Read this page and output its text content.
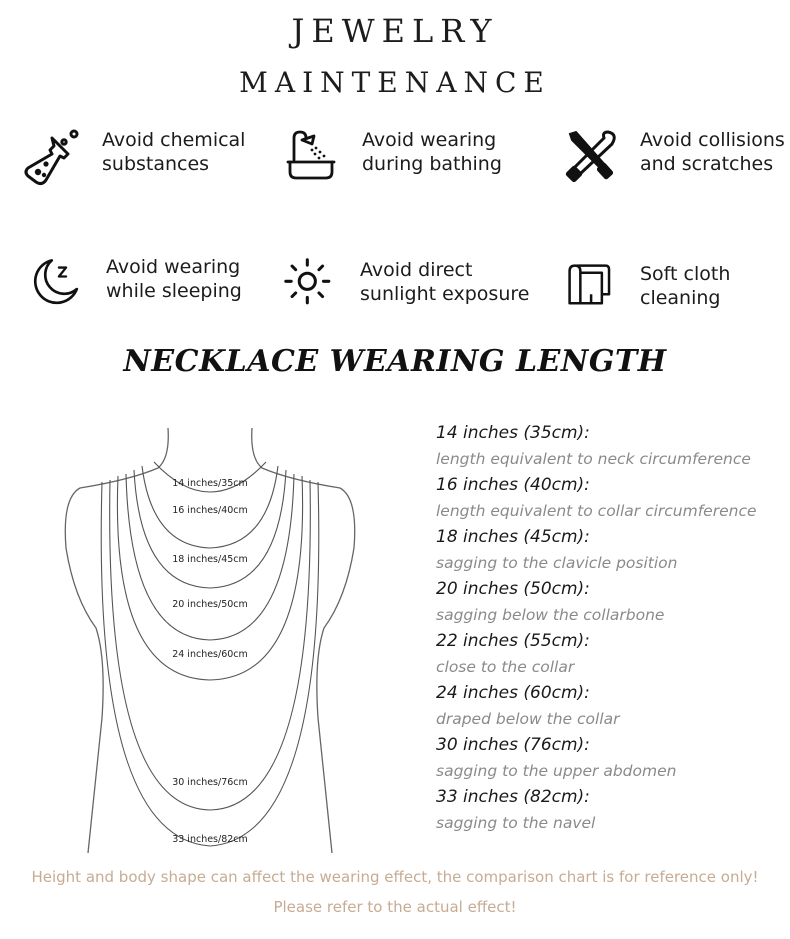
JEWELRY
MAINTENANCE
Avoid chemical
substances
Avoid wearing
during bathing
Avoid collisions
and scratches
Avoid wearing
while sleeping
Avoid direct
sunlight exposure
Soft cloth
cleaning
NECKLACE WEARING LENGTH
14 inches/35cm
16 inches/40cm
18 inches/45cm
20 inches/50cm
24 inches/60cm
30 inches/76cm
33 inches/82cm
14 inches (35cm):
length equivalent to neck circumference
16 inches (40cm):
length equivalent to collar circumference
18 inches (45cm):
sagging to the clavicle position
20 inches (50cm):
sagging below the collarbone
22 inches (55cm):
close to the collar
24 inches (60cm):
draped below the collar
30 inches (76cm):
sagging to the upper abdomen
33 inches (82cm):
sagging to the navel
Height and body shape can affect the wearing effect, the comparison chart is for reference only!
Please refer to the actual effect!
